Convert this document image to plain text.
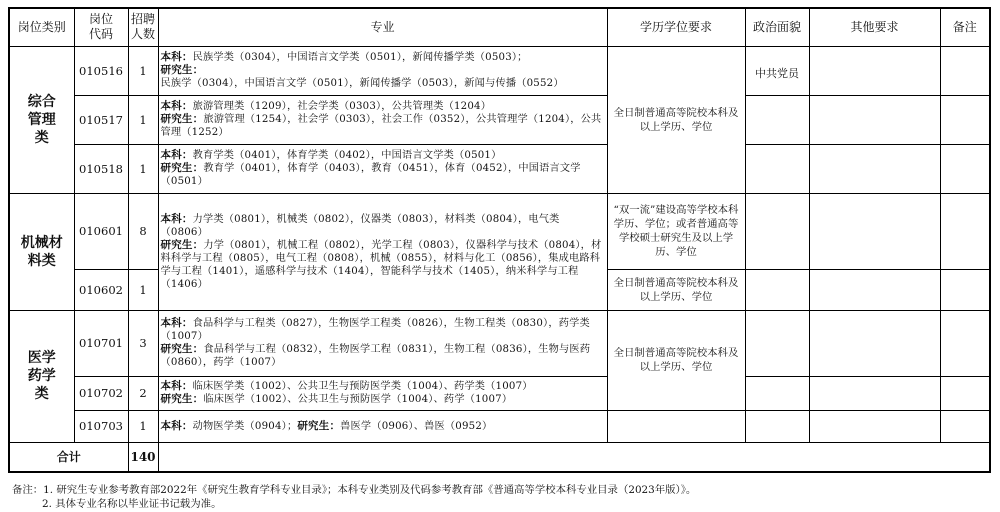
岗位类别	岗位代码	招聘人数	专业	学历学位要求	政治面貌	其他要求	备注

综合管理类	010516	1	本科：民族学类（0304），中国语言文学类（0501），新闻传播学类（0503）；
研究生：民族学（0304），中国语言文学（0501），新闻传播学（0503），新闻与传播（0552）	全日制普通高等院校本科及以上学历、学位	中共党员		
	010517	1	本科：旅游管理类（1209），社会学类（0303），公共管理类（1204）
研究生：旅游管理（1254），社会学（0303），社会工作（0352），公共管理学（1204），公共管理（1252）				
	010518	1	本科：教育学类（0401），体育学类（0402），中国语言文学类（0501）
研究生：教育学（0401），体育学（0403），教育（0451），体育（0452），中国语言文学（0501）				

机械材料类	010601	8	本科：力学类（0801），机械类（0802），仪器类（0803），材料类（0804），电气类（0806）
研究生：力学（0801），机械工程（0802），光学工程（0803），仪器科学与技术（0804），材料科学与工程（0805），电气工程（0808），机械（0855），材料与化工（0856），集成电路科学与工程（1401），遥感科学与技术（1404），智能科学与技术（1405），纳米科学与工程（1406）	“双一流”建设高等学校本科学历、学位；或者普通高等学校硕士研究生及以上学历、学位			
	010602	1		全日制普通高等院校本科及以上学历、学位			

医学药学类	010701	3	本科：食品科学与工程类（0827），生物医学工程类（0826），生物工程类（0830），药学类（1007）
研究生：食品科学与工程（0832），生物医学工程（0831），生物工程（0836），生物与医药（0860），药学（1007）	全日制普通高等院校本科及以上学历、学位			
	010702	2	本科：临床医学类（1002）、公共卫生与预防医学类（1004）、药学类（1007）
研究生：临床医学（1002）、公共卫生与预防医学（1004）、药学（1007）				
	010703	1	本科：动物医学类（0904）；研究生：兽医学（0906）、兽医（0952）				
合计		140					
备注：1. 研究生专业参考教育部2022年《研究生教育学科专业目录》；本科专业类别及代码参考教育部《普通高等学校本科专业目录（2023年版）》。
2. 具体专业名称以毕业证书记载为准。
